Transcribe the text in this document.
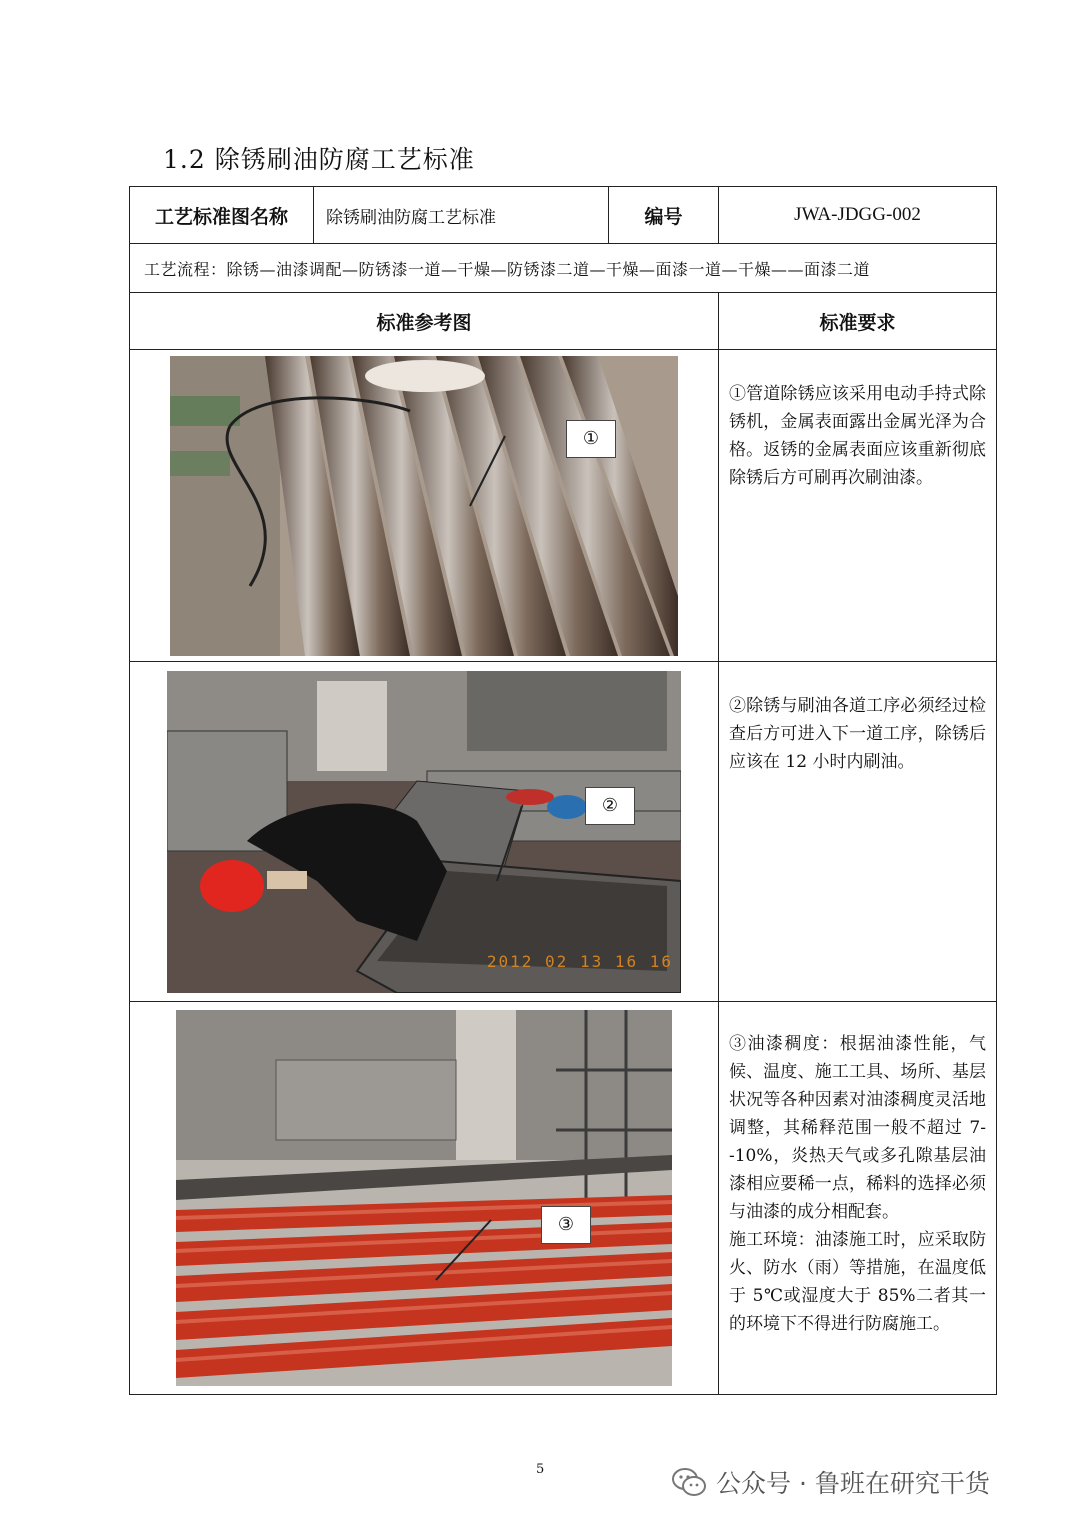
1.2 除锈刷油防腐工艺标准
工艺标准图名称	除锈刷油防腐工艺标准	编号	JWA-JDGG-002
工艺流程：除锈—油漆调配—防锈漆一道—干燥—防锈漆二道—干燥—面漆一道—干燥——面漆二道			
标准参考图			标准要求

①			①管道除锈应该采用电动手持式除锈机，金属表面露出金属光泽为合格。返锈的金属表面应该重新彻底除锈后方可刷再次刷油漆。

②
2012 02 13 16 16			②除锈与刷油各道工序必须经过检查后方可进入下一道工序，除锈后应该在 12 小时内刷油。

③			③油漆稠度：根据油漆性能，气候、温度、施工工具、场所、基层状况等各种因素对油漆稠度灵活地调整，其稀释范围一般不超过 7--10%，炎热天气或多孔隙基层油漆相应要稀一点，稀料的选择必须与油漆的成分相配套。
施工环境：油漆施工时，应采取防火、防水（雨）等措施，在温度低于 5℃或湿度大于 85%二者其一的环境下不得进行防腐施工。
5	公众号 · 鲁班在研究干货
